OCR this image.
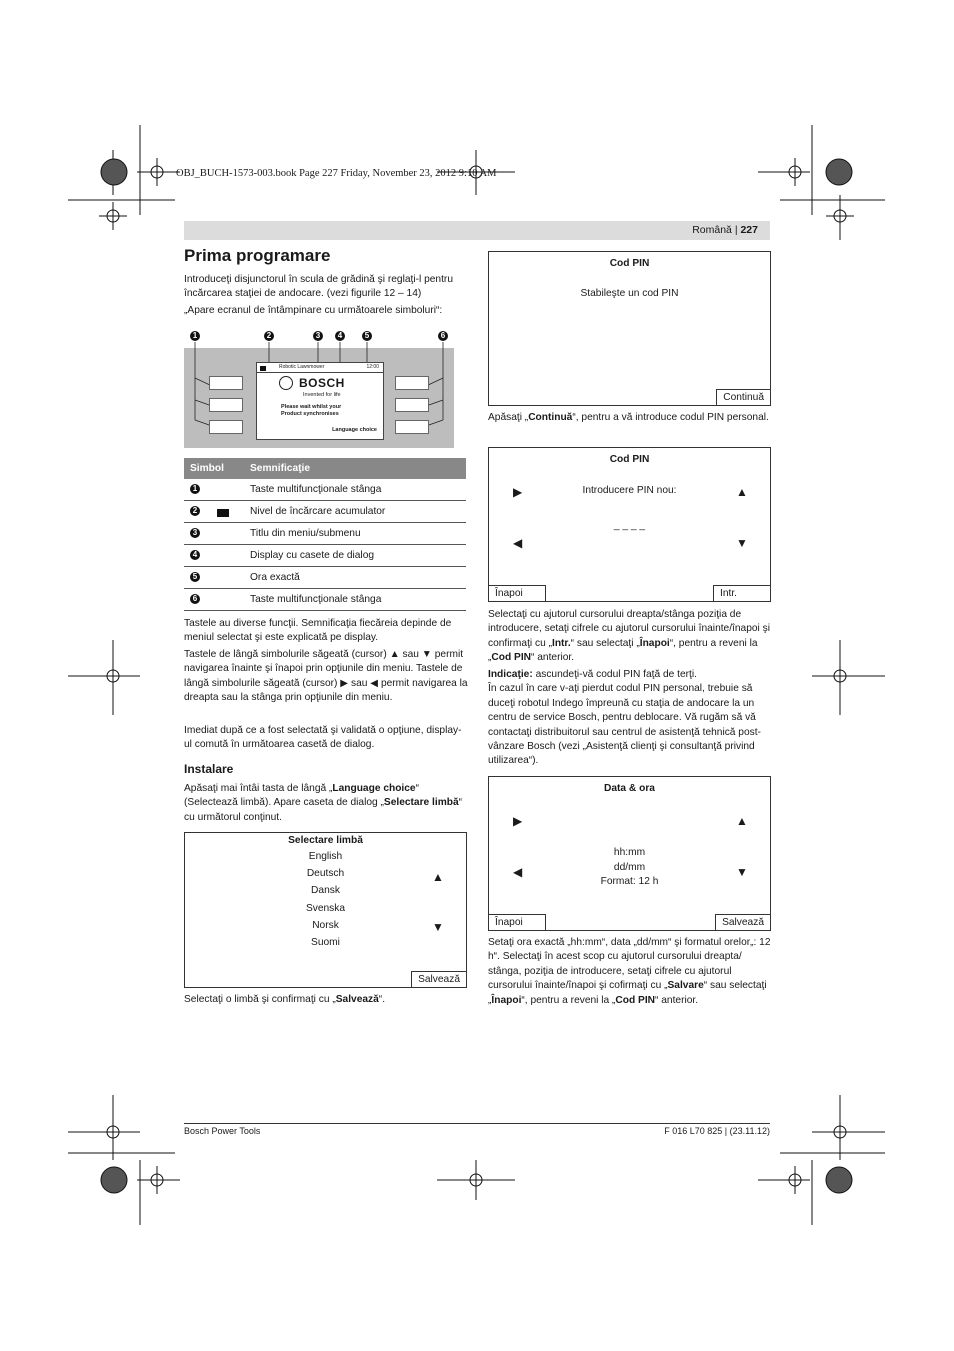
OBJ_BUCH-1573-003.book Page 227 Friday, November 23, 2012 9:10 AM
Română | 227
Prima programare
Introduceţi disjunctorul în scula de grădină şi reglaţi-l pentru încărcarea staţiei de andocare. (vezi figurile 12 – 14)
„Apare ecranul de întâmpinare cu următoarele simboluri“:
1	2	3	4	5	6
Robotic Lawnmower	12:00
BOSCH
Invented for life
Please wait whilst your
Product synchronises
Language choice
Simbol	Semnificaţie
1	Taste multifuncţionale stânga
2	Nivel de încărcare acumulator
3	Titlu din meniu/submenu
4	Display cu casete de dialog
5	Ora exactă
6	Taste multifuncţionale stânga
Tastele au diverse funcţii. Semnificaţia fiecăreia depinde de meniul selectat şi este explicată pe display.
Tastele de lângă simbolurile săgeată (cursor) ▲ sau ▼ permit navigarea înainte şi înapoi prin opţiunile din meniu. Tastele de lângă simbolurile săgeată (cursor) ▶ sau ◀ permit navigarea la dreapta sau la stânga prin opţiunile din meniu.
Imediat după ce a fost selectată şi validată o opţiune, display-ul comută în următoarea casetă de dialog.
Instalare
Apăsaţi mai întâi tasta de lângă „Language choice“ (Selectează limbă). Apare caseta de dialog „Selectare limbă“ cu următorul conţinut.
Selectare limbă
English
Deutsch
Dansk
Svenska
Norsk
Suomi
▲
▼
Salvează
Selectaţi o limbă şi confirmaţi cu „Salvează“.
Cod PIN
Stabileşte un cod PIN
Continuă
Apăsaţi „Continuă“, pentru a vă introduce codul PIN personal.
Cod PIN
▶	Introducere PIN nou:	▲
_ _ _ _
◀	▼
Înapoi	Intr.
Selectaţi cu ajutorul cursorului dreapta/stânga poziţia de introducere, setaţi cifrele cu ajutorul cursorului înainte/înapoi şi confirmaţi cu „Intr.“ sau selectaţi „Înapoi“, pentru a reveni la „Cod PIN“ anterior.
Indicaţie: ascundeţi-vă codul PIN faţă de terţi.
În cazul în care v-aţi pierdut codul PIN personal, trebuie să duceţi robotul Indego împreună cu staţia de andocare la un centru de service Bosch, pentru deblocare. Vă rugăm să vă contactaţi distribuitorul sau centrul de asistenţă tehnică post-vânzare Bosch (vezi „Asistenţă clienţi şi consultanţă privind utilizarea“).
Data & ora
▶	▲
hh:mm
dd/mm
Format: 12 h
◀	▼
Înapoi	Salvează
Setaţi ora exactă „hh:mm“, data „dd/mm“ şi formatul orelor„: 12 h“. Selectaţi în acest scop cu ajutorul cursorului dreapta/ stânga, poziţia de introducere, setaţi cifrele cu ajutorul cursorului înainte/înapoi şi cofirmaţi cu „Salvare“ sau selectaţi „Înapoi“, pentru a reveni la „Cod PIN“ anterior.
Bosch Power Tools	F 016 L70 825 | (23.11.12)
